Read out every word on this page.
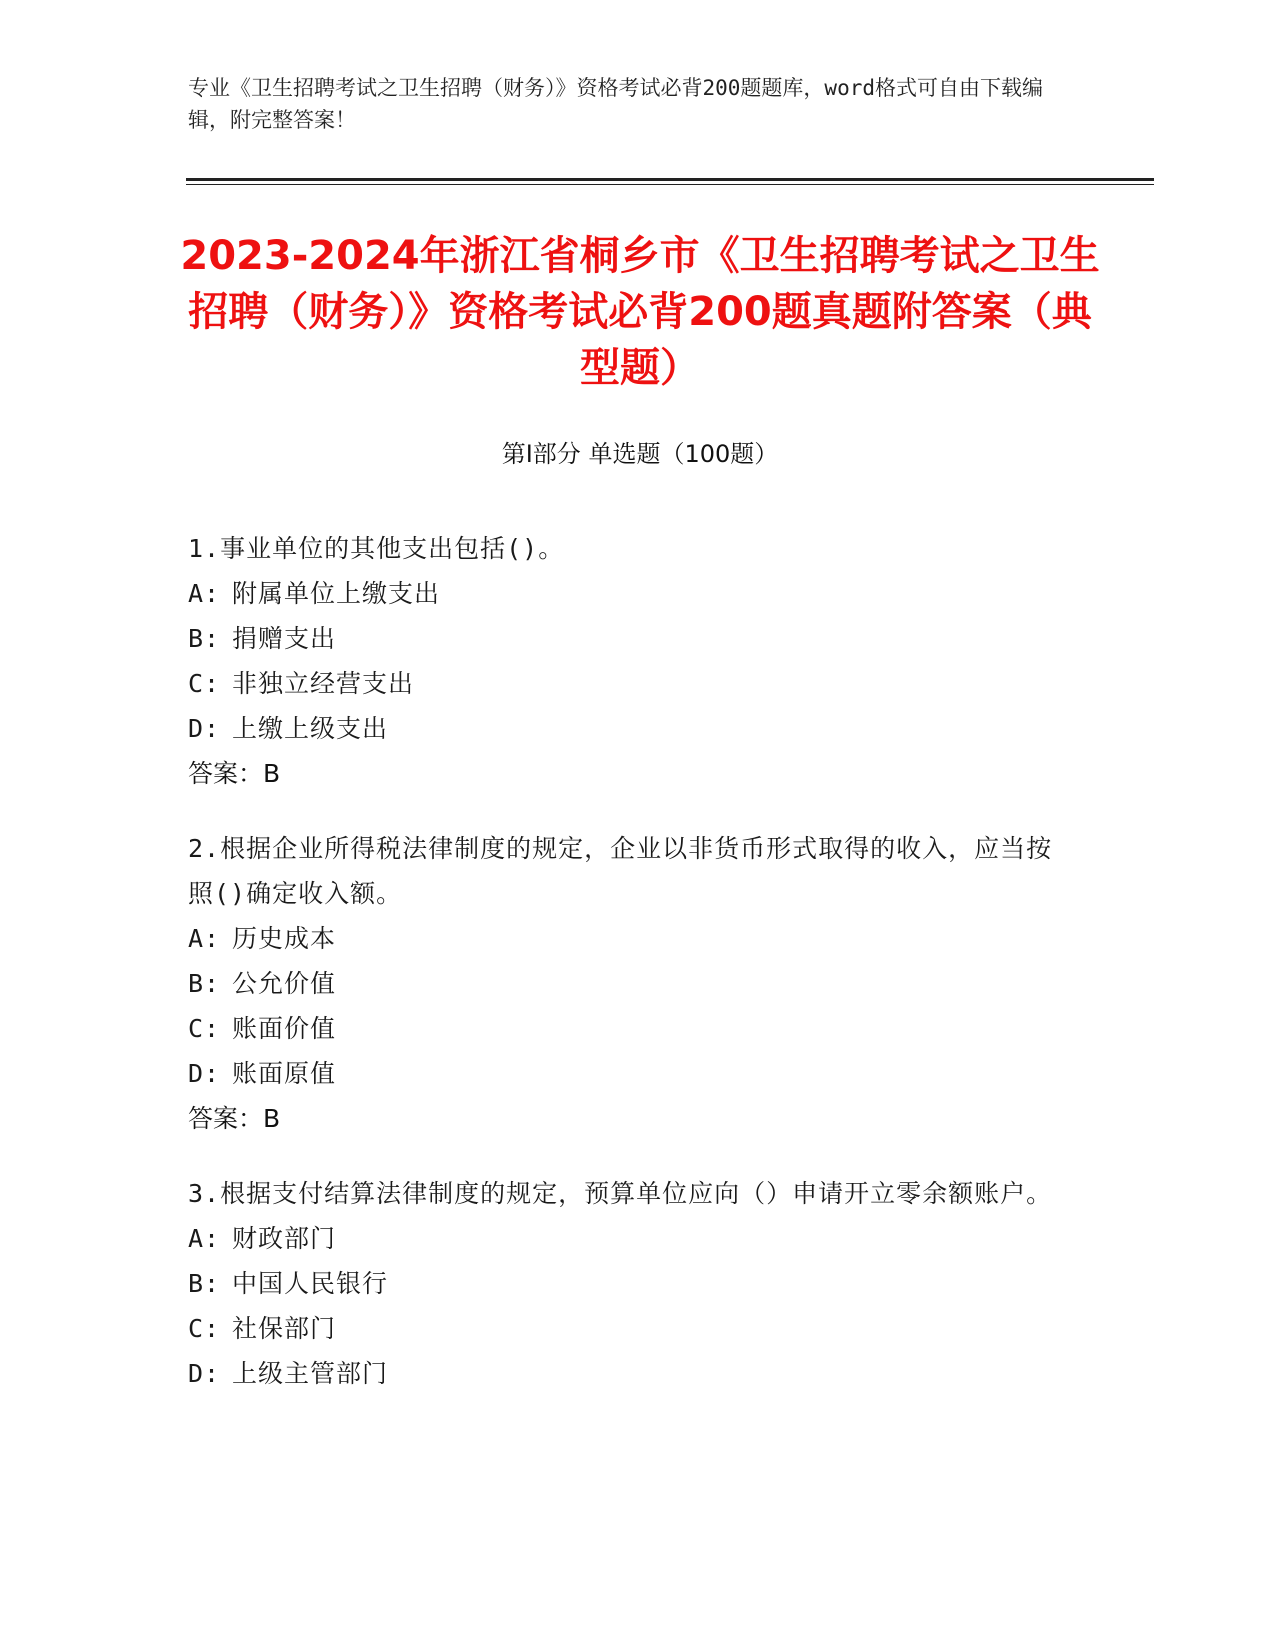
专业《卫生招聘考试之卫生招聘（财务）》资格考试必背200题题库，word格式可自由下载编辑，附完整答案！
2023-2024年浙江省桐乡市《卫生招聘考试之卫生招聘（财务）》资格考试必背200题真题附答案（典型题）
第Ⅰ部分 单选题（100题）
1.事业单位的其他支出包括()。
A: 附属单位上缴支出
B: 捐赠支出
C: 非独立经营支出
D: 上缴上级支出
答案：B
2.根据企业所得税法律制度的规定，企业以非货币形式取得的收入，应当按照()确定收入额。
A: 历史成本
B: 公允价值
C: 账面价值
D: 账面原值
答案：B
3.根据支付结算法律制度的规定，预算单位应向（）申请开立零余额账户。
A: 财政部门
B: 中国人民银行
C: 社保部门
D: 上级主管部门
